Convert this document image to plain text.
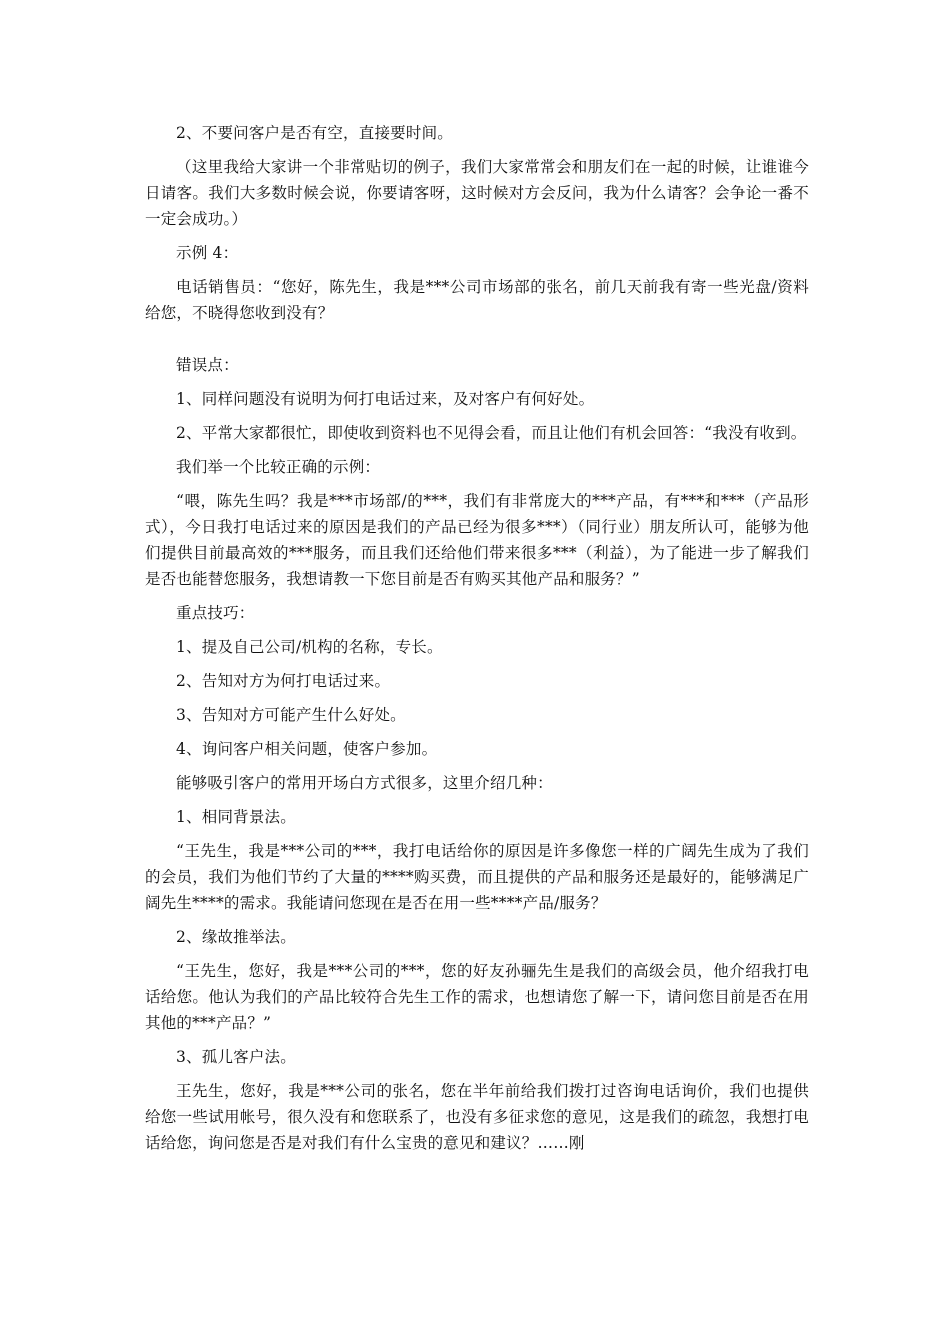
2、不要问客户是否有空，直接要时间。

（这里我给大家讲一个非常贴切的例子，我们大家常常会和朋友们在一起的时候，让谁谁今日请客。我们大多数时候会说，你要请客呀，这时候对方会反问，我为什么请客？会争论一番不一定会成功。）

示例 4：

电话销售员：“您好，陈先生，我是***公司市场部的张名，前几天前我有寄一些光盘/资料给您，不晓得您收到没有？

错误点：

1、同样问题没有说明为何打电话过来，及对客户有何好处。

2、平常大家都很忙，即使收到资料也不见得会看，而且让他们有机会回答：“我没有收到。

我们举一个比较正确的示例：

“喂，陈先生吗？我是***市场部/的***，我们有非常庞大的***产品，有***和***（产品形式），今日我打电话过来的原因是我们的产品已经为很多***）（同行业）朋友所认可，能够为他们提供目前最高效的***服务，而且我们还给他们带来很多***（利益），为了能进一步了解我们是否也能替您服务，我想请教一下您目前是否有购买其他产品和服务？”

重点技巧：

1、提及自己公司/机构的名称，专长。

2、告知对方为何打电话过来。

3、告知对方可能产生什么好处。

4、询问客户相关问题，使客户参加。

能够吸引客户的常用开场白方式很多，这里介绍几种：

1、相同背景法。

“王先生，我是***公司的***，我打电话给你的原因是许多像您一样的广阔先生成为了我们的会员，我们为他们节约了大量的****购买费，而且提供的产品和服务还是最好的，能够满足广阔先生****的需求。我能请问您现在是否在用一些****产品/服务？

2、缘故推举法。

“王先生，您好，我是***公司的***，您的好友孙骊先生是我们的高级会员，他介绍我打电话给您。他认为我们的产品比较符合先生工作的需求，也想请您了解一下，请问您目前是否在用其他的***产品？”

3、孤儿客户法。

王先生，您好，我是***公司的张名，您在半年前给我们拨打过咨询电话询价，我们也提供给您一些试用帐号，很久没有和您联系了，也没有多征求您的意见，这是我们的疏忽，我想打电话给您，询问您是否是对我们有什么宝贵的意见和建议？……刚
